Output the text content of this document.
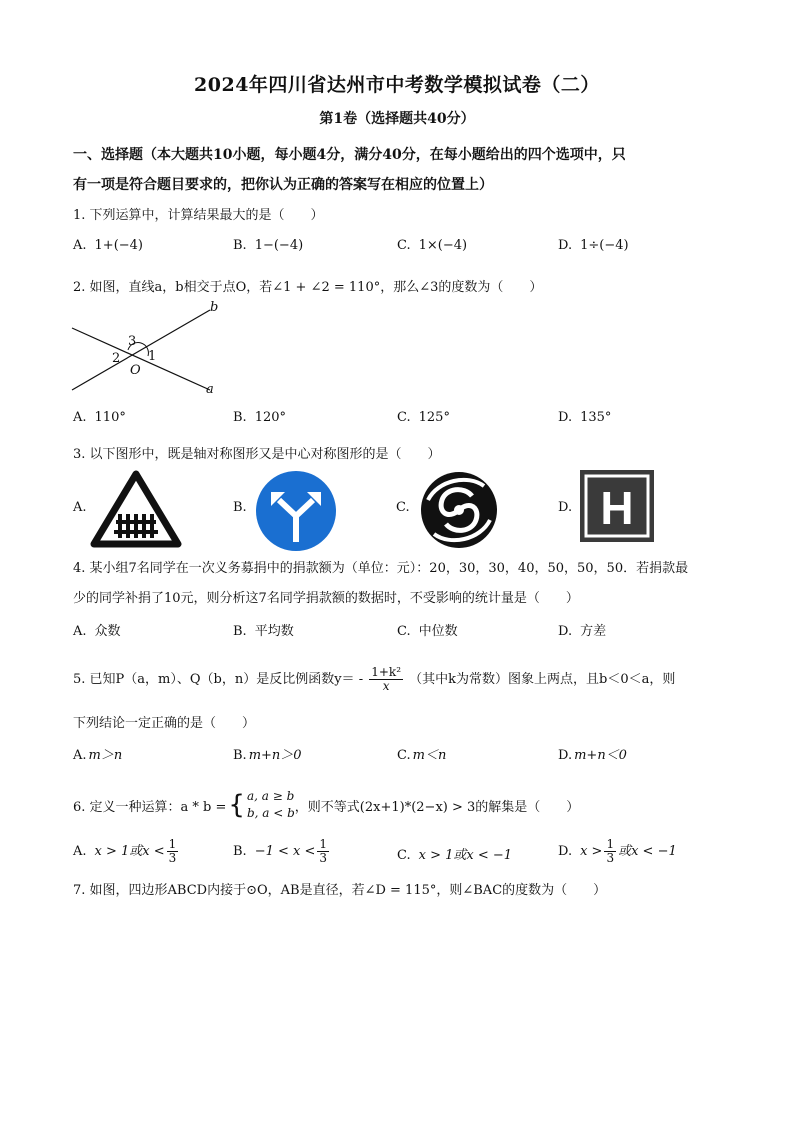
2024年四川省达州市中考数学模拟试卷（二）
第1卷（选择题共40分）
一、选择题（本大题共10小题，每小题4分，满分40分，在每小题给出的四个选项中，只
有一项是符合题目要求的，把你认为正确的答案写在相应的位置上）
1. 下列运算中，计算结果最大的是（　　）
A. 1+(−4)	B. 1−(−4)	C. 1×(−4)	D. 1÷(−4)
2. 如图，直线a，b相交于点O，若∠1 + ∠2 = 110°，那么∠3的度数为（　　）
b
a
3
2 1
O
A. 110°	B. 120°	C. 125°	D. 135°
3. 以下图形中，既是轴对称图形又是中心对称图形的是（　　）
A.	B.	C.	D. H
4. 某小组7名同学在一次义务募捐中的捐款额为（单位：元）：20，30，30，40，50，50，50．若捐款最
少的同学补捐了10元，则分析这7名同学捐款额的数据时，不受影响的统计量是（　　）
A. 众数	B. 平均数	C. 中位数	D. 方差
5. 已知P（a，m）、Q（b，n）是反比例函数$y= - \frac{\text{1+k²}}{x}$ （其中k为常数）图象上两点，且b＜0＜a，则
下列结论一定正确的是（　　）
A. m＞n	B. m+n＞0	C. m＜n	D. m+n＜0
6. 定义一种运算：a * b = { a, a ≥ b
b, a < b ，则不等式(2x+1)*(2−x) > 3的解集是（　　）
A. x > 1或$x < \frac{1}{3}$	B. $-1 < x < \frac{1}{3}$	C. x > 1或x < −1	D. $x > \frac{1}{3}$ 或x < −1
7. 如图，四边形ABCD内接于⊙O，AB是直径，若∠D = 115°，则∠BAC的度数为（　　）
